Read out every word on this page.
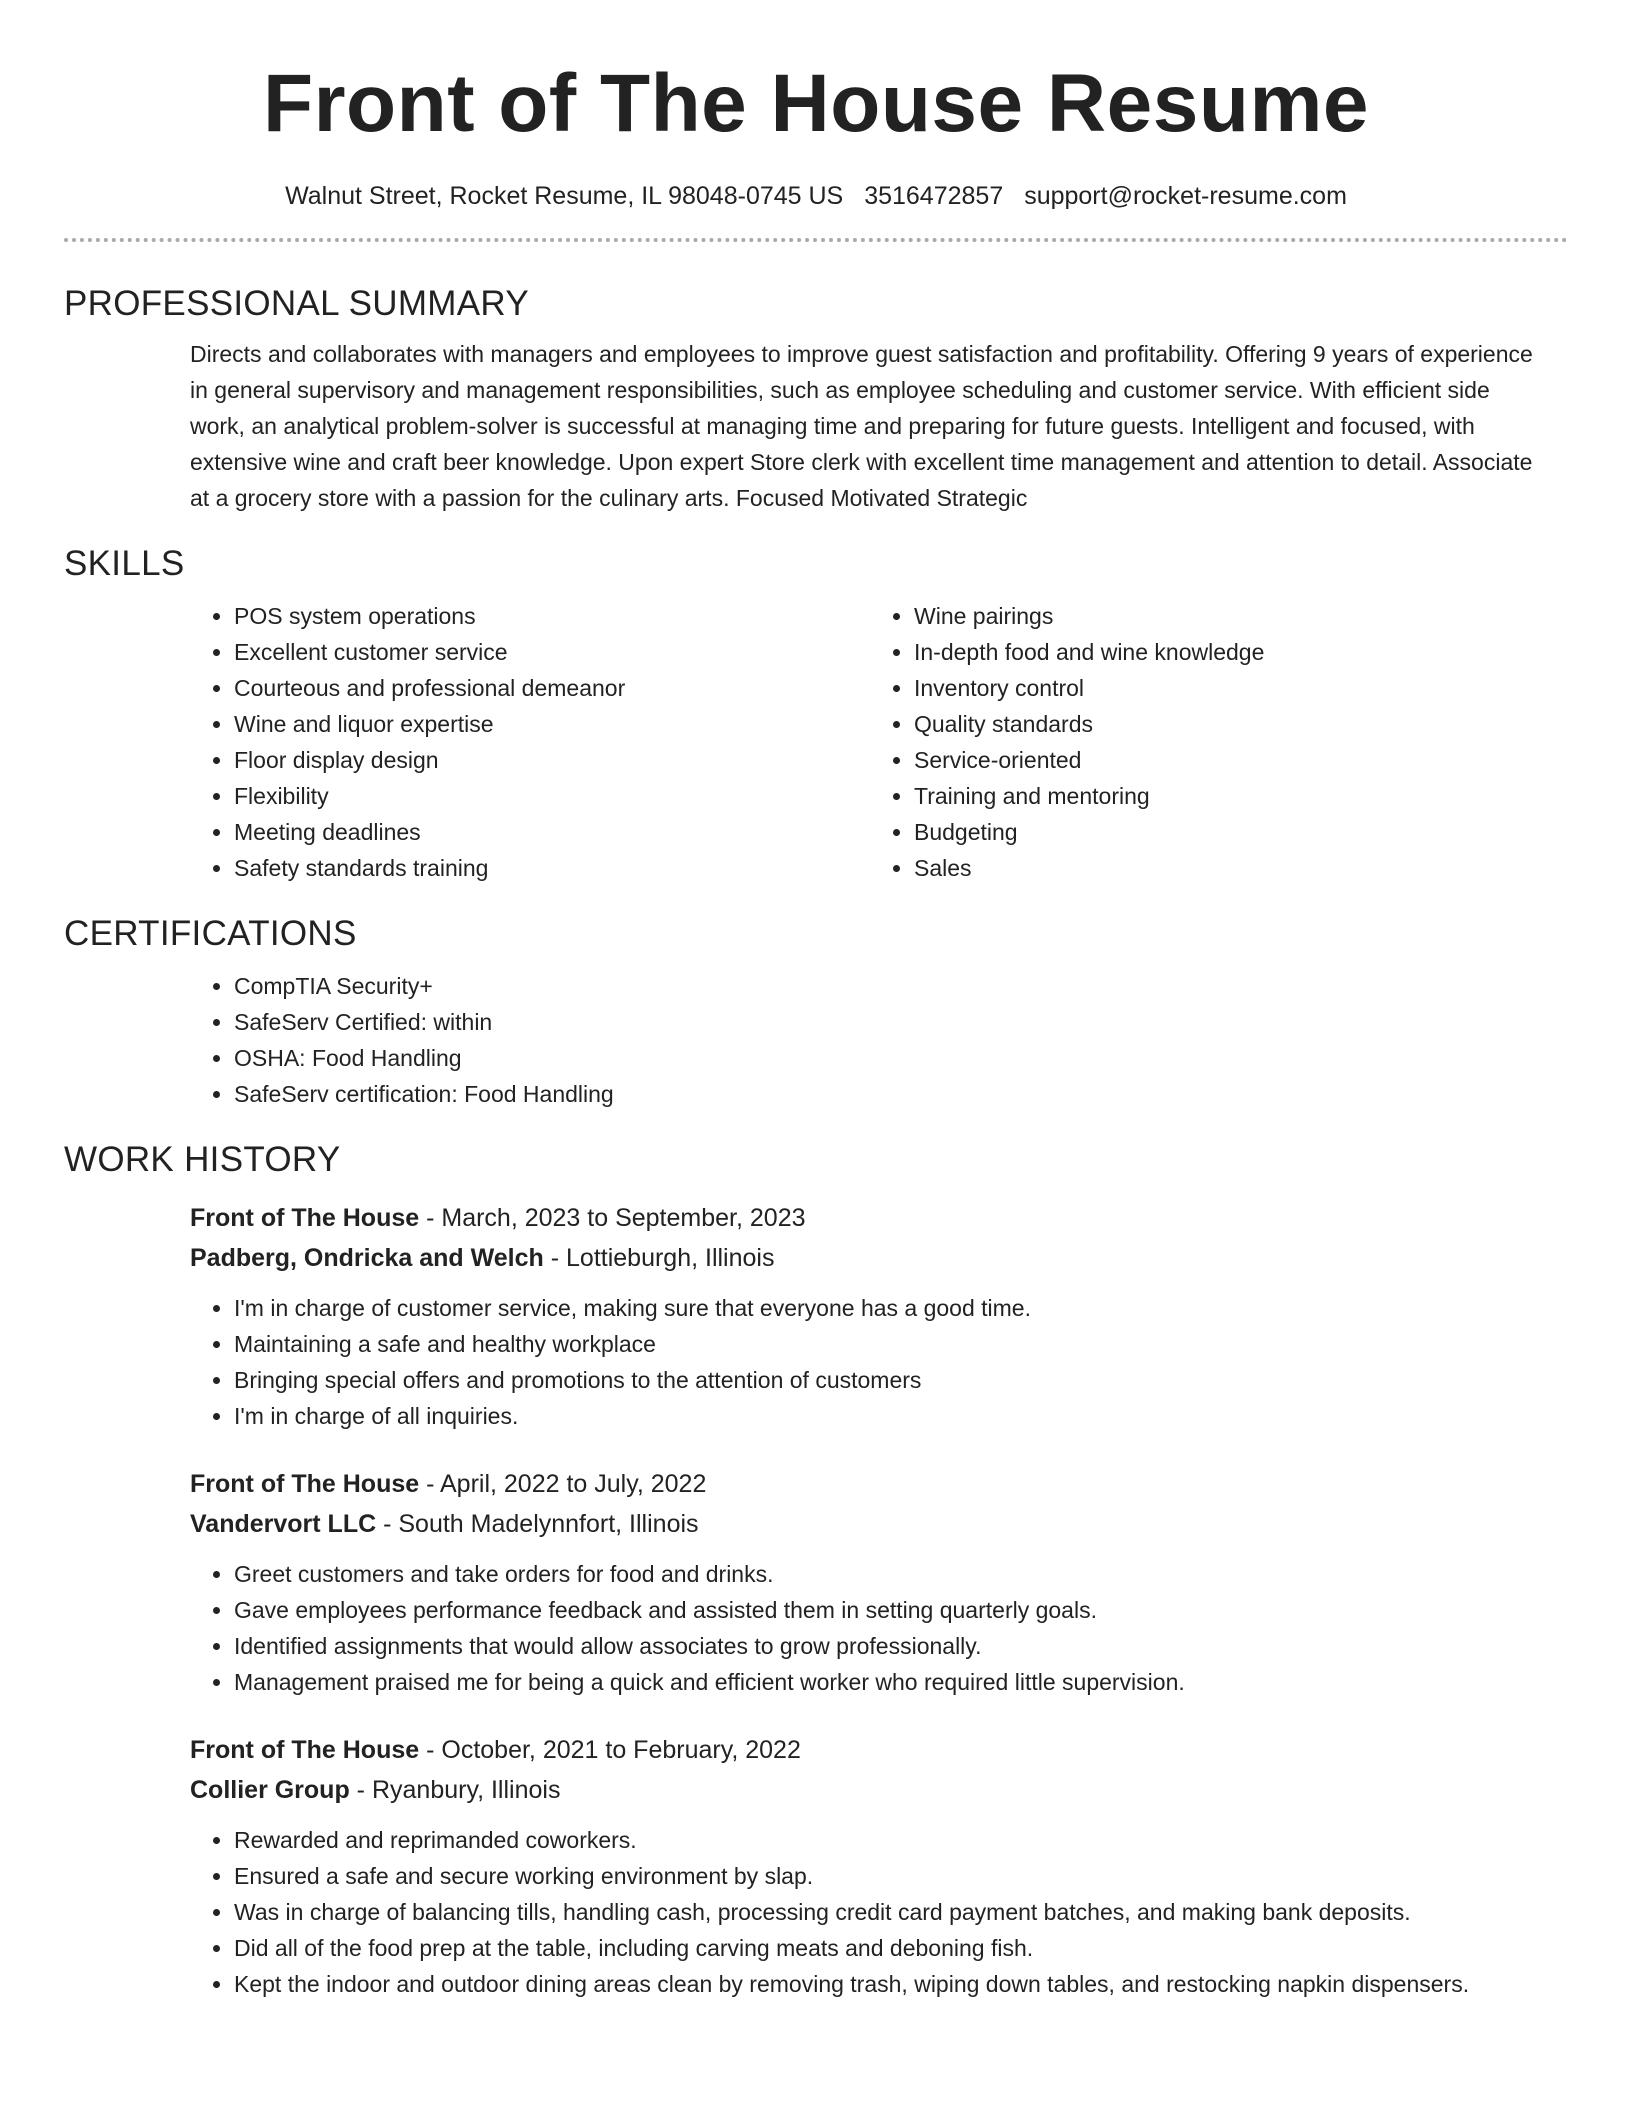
Front of The House Resume
Walnut Street, Rocket Resume, IL 98048-0745 US 3516472857 support@rocket-resume.com
PROFESSIONAL SUMMARY

Directs and collaborates with managers and employees to improve guest satisfaction and profitability. Offering 9 years of experience in general supervisory and management responsibilities, such as employee scheduling and customer service. With efficient side work, an analytical problem-solver is successful at managing time and preparing for future guests. Intelligent and focused, with extensive wine and craft beer knowledge. Upon expert Store clerk with excellent time management and attention to detail. Associate at a grocery store with a passion for the culinary arts. Focused Motivated Strategic

SKILLS
• POS system operations
• Excellent customer service
• Courteous and professional demeanor
• Wine and liquor expertise
• Floor display design
• Flexibility
• Meeting deadlines
• Safety standards training
• Wine pairings
• In-depth food and wine knowledge
• Inventory control
• Quality standards
• Service-oriented
• Training and mentoring
• Budgeting
• Sales
CERTIFICATIONS
• CompTIA Security+
• SafeServ Certified: within
• OSHA: Food Handling
• SafeServ certification: Food Handling
WORK HISTORY
Front of The House - March, 2023 to September, 2023
Padberg, Ondricka and Welch - Lottieburgh, Illinois
• I'm in charge of customer service, making sure that everyone has a good time.
• Maintaining a safe and healthy workplace
• Bringing special offers and promotions to the attention of customers
• I'm in charge of all inquiries.
Front of The House - April, 2022 to July, 2022
Vandervort LLC - South Madelynnfort, Illinois
• Greet customers and take orders for food and drinks.
• Gave employees performance feedback and assisted them in setting quarterly goals.
• Identified assignments that would allow associates to grow professionally.
• Management praised me for being a quick and efficient worker who required little supervision.
Front of The House - October, 2021 to February, 2022
Collier Group - Ryanbury, Illinois
• Rewarded and reprimanded coworkers.
• Ensured a safe and secure working environment by slap.
• Was in charge of balancing tills, handling cash, processing credit card payment batches, and making bank deposits.
• Did all of the food prep at the table, including carving meats and deboning fish.
• Kept the indoor and outdoor dining areas clean by removing trash, wiping down tables, and restocking napkin dispensers.
